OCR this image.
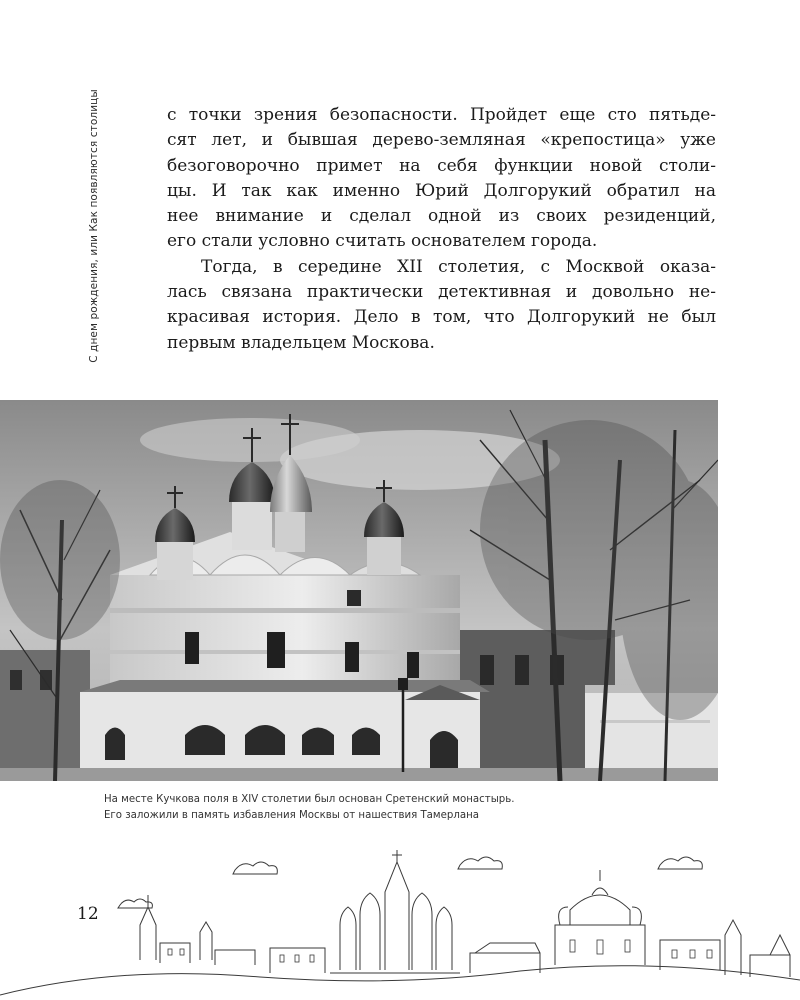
С днем рождения, или Как появляются столицы	с точки зрения безопасности. Пройдет еще сто пятьде-
сят лет, и бывшая дерево-земляная «крепостица» уже
безоговорочно примет на себя функции новой столи-
цы. И так как именно Юрий Долгорукий обратил на
нее внимание и сделал одной из своих резиденций,
его стали условно считать основателем города.
Тогда, в середине XII столетия, с Москвой оказа-
лась связана практически детективная и довольно не-
красивая история. Дело в том, что Долгорукий не был
первым владельцем Москова.
На месте Кучкова поля в XIV столетии был основан Сретенский монастырь.
Его заложили в память избавления Москвы от нашествия Тамерлана
12
